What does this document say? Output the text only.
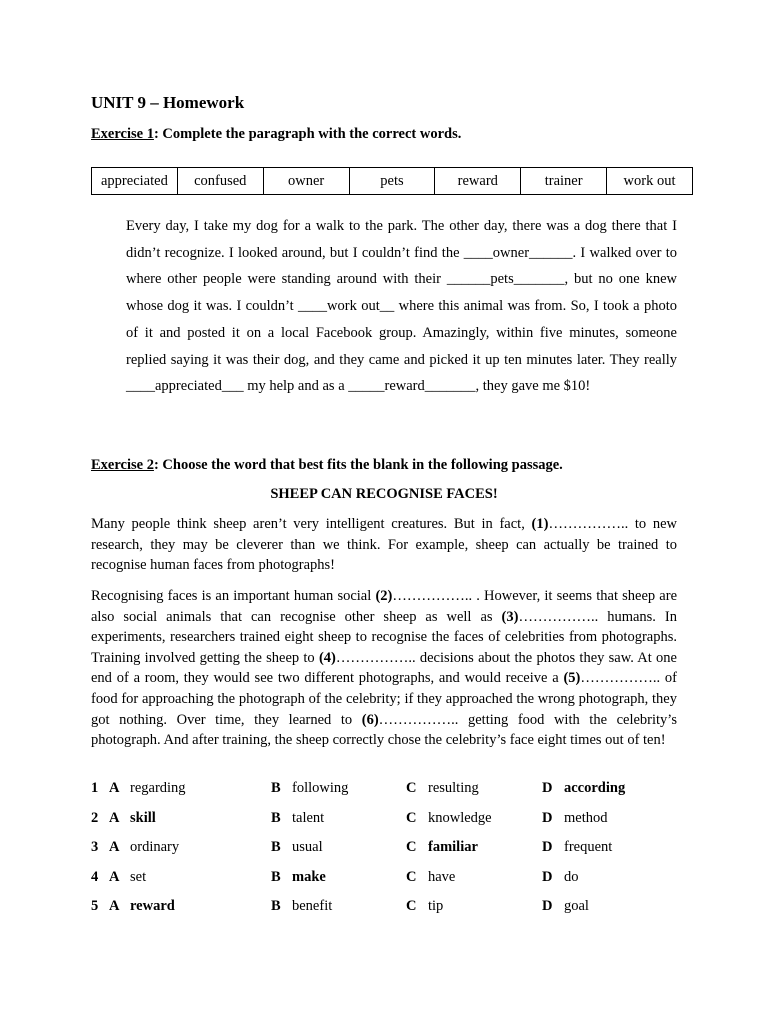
UNIT 9 – Homework

Exercise 1: Complete the paragraph with the correct words.

appreciated	confused	owner	pets	reward	trainer	work out

Every day, I take my dog for a walk to the park. The other day, there was a dog there that I didn’t recognize. I looked around, but I couldn’t find the ____owner______. I walked over to where other people were standing around with their ______pets_______, but no one knew whose dog it was. I couldn’t ____work out__ where this animal was from. So, I took a photo of it and posted it on a local Facebook group. Amazingly, within five minutes, someone replied saying it was their dog, and they came and picked it up ten minutes later. They really ____appreciated___ my help and as a _____reward_______, they gave me $10!

Exercise 2: Choose the word that best fits the blank in the following passage.

SHEEP CAN RECOGNISE FACES!

Many people think sheep aren’t very intelligent creatures. But in fact, (1)…………….. to new research, they may be cleverer than we think. For example, sheep can actually be trained to recognise human faces from photographs!

Recognising faces is an important human social (2)…………….. . However, it seems that sheep are also social animals that can recognise other sheep as well as (3)…………….. humans. In experiments, researchers trained eight sheep to recognise the faces of celebrities from photographs. Training involved getting the sheep to (4)…………….. decisions about the photos they saw. At one end of a room, they would see two different photographs, and would receive a (5)…………….. of food for approaching the photograph of the celebrity; if they approached the wrong photograph, they got nothing. Over time, they learned to (6)…………….. getting food with the celebrity’s photograph. And after training, the sheep correctly chose the celebrity’s face eight times out of ten!

1 A regarding	B following	C resulting	D according
2 A skill	B talent	C knowledge	D method
3 A ordinary	B usual	C familiar	D frequent
4 A set	B make	C have	D do
5 A reward	B benefit	C tip	D goal
